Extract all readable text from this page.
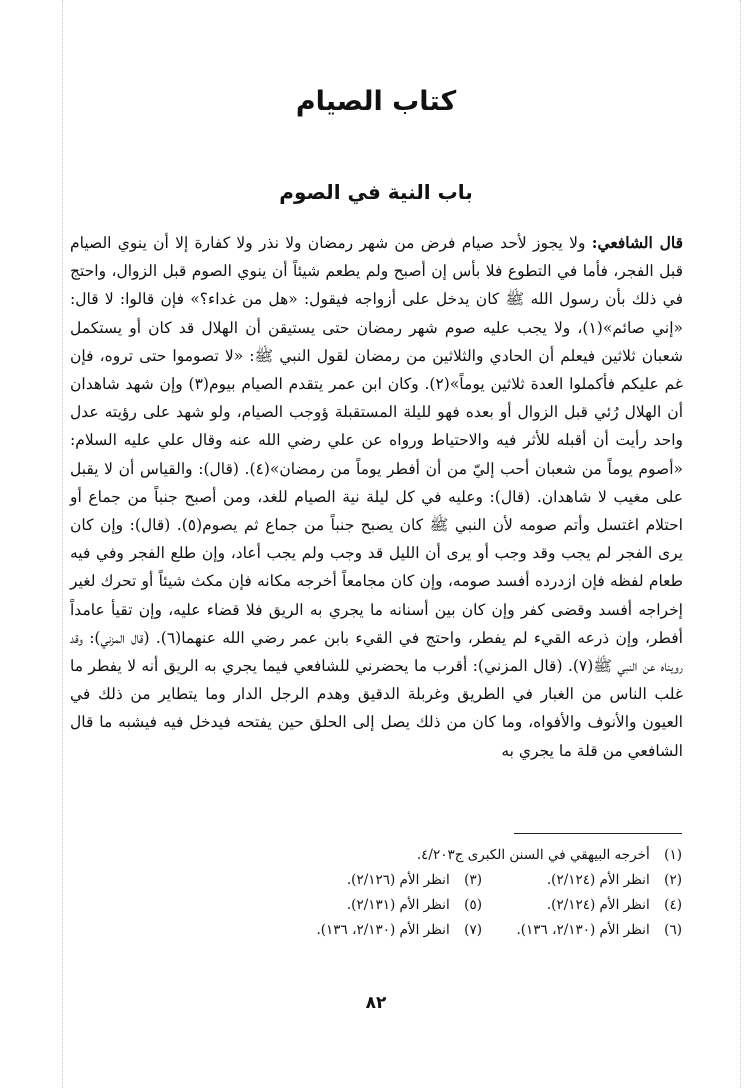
كتاب الصيام
باب النية في الصوم

قال الشافعي: ولا يجوز لأحد صيام فرض من شهر رمضان ولا نذر ولا كفارة إلا أن ينوي الصيام قبل الفجر، فأما في التطوع فلا بأس إن أصبح ولم يطعم شيئاً أن ينوي الصوم قبل الزوال، واحتج في ذلك بأن رسول الله ﷺ كان يدخل على أزواجه فيقول: «هل من غداء؟» فإن قالوا: لا قال: «إني صائم»(١)، ولا يجب عليه صوم شهر رمضان حتى يستيقن أن الهلال قد كان أو يستكمل شعبان ثلاثين فيعلم أن الحادي والثلاثين من رمضان لقول النبي ﷺ: «لا تصوموا حتى تروه، فإن غم عليكم فأكملوا العدة ثلاثين يوماً»(٢). وكان ابن عمر يتقدم الصيام بيوم(٣) وإن شهد شاهدان أن الهلال رُئي قبل الزوال أو بعده فهو لليلة المستقبلة ؤوجب الصيام، ولو شهد على رؤيته عدل واحد رأيت أن أقبله للأثر فيه والاحتياط ورواه عن علي رضي الله عنه وقال علي عليه السلام: «أصوم يوماً من شعبان أحب إليّ من أن أفطر يوماً من رمضان»(٤). (قال): والقياس أن لا يقبل على مغيب لا شاهدان. (قال): وعليه في كل ليلة نية الصيام للغد، ومن أصبح جنباً من جماع أو احتلام اغتسل وأتم صومه لأن النبي ﷺ كان يصبح جنباً من جماع ثم يصوم(٥). (قال): وإن كان يرى الفجر لم يجب وقد وجب أو يرى أن الليل قد وجب ولم يجب أعاد، وإن طلع الفجر وفي فيه طعام لفظه فإن ازدرده أفسد صومه، وإن كان مجامعاً أخرجه مكانه فإن مكث شيئاً أو تحرك لغير إخراجه أفسد وقضى كفر وإن كان بين أسنانه ما يجري به الريق فلا قضاء عليه، وإن تقيأ عامداً أفطر، وإن ذرعه القيء لم يفطر، واحتج في القيء بابن عمر رضي الله عنهما(٦). (قال المزني): وقد رويناه عن النبي ﷺ(٧). (قال المزني): أقرب ما يحضرني للشافعي فيما يجري به الريق أنه لا يفطر ما غلب الناس من الغبار في الطريق وغربلة الدقيق وهدم الرجل الدار وما يتطاير من ذلك في العيون والأنوف والأفواه، وما كان من ذلك يصل إلى الحلق حين يفتحه فيدخل فيه فيشبه ما قال الشافعي من قلة ما يجري به

(١) أخرجه البيهقي في السنن الكبرى ج٤/٢٠٣.
(٢) انظر الأم (٢/١٢٤).
(٣) انظر الأم (٢/١٢٦).
(٤) انظر الأم (٢/١٢٤).
(٥) انظر الأم (٢/١٣١).
(٦) انظر الأم (٢/١٣٠، ١٣٦).
(٧) انظر الأم (٢/١٣٠، ١٣٦).
٨٢
